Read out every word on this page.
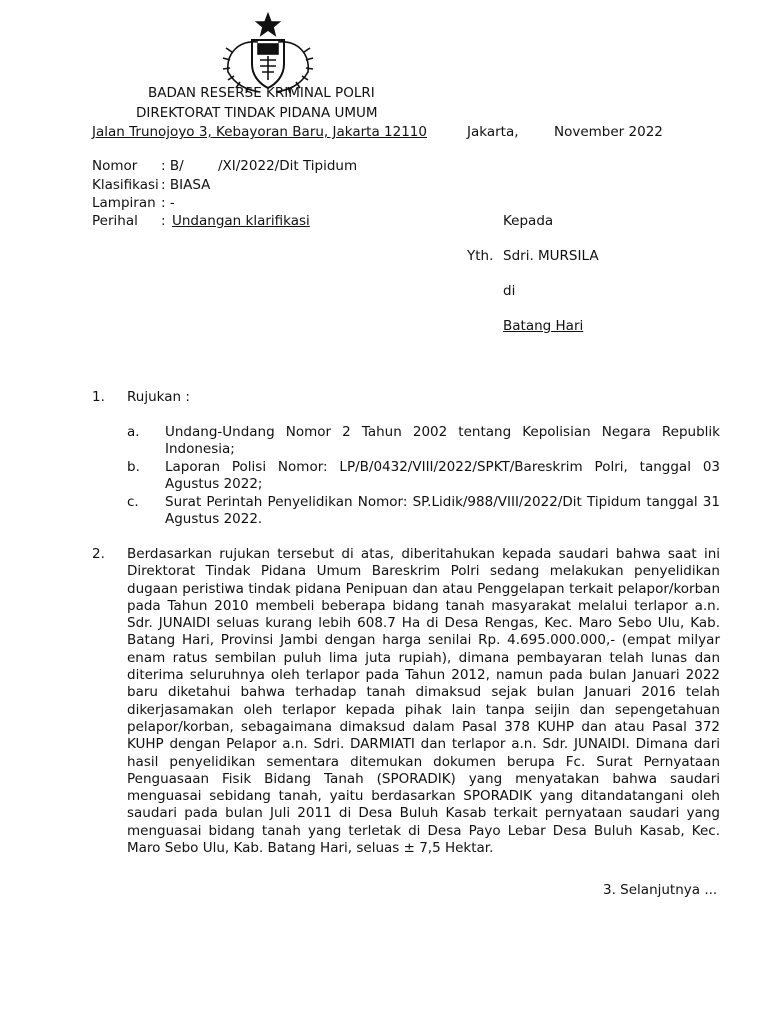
BADAN RESERSE KRIMINAL POLRI
DIREKTORAT TINDAK PIDANA UMUM
Jalan Trunojoyo 3, Kebayoran Baru, Jakarta 12110	Jakarta,	November 2022
Nomor : B/        /XI/2022/Dit Tipidum
Klasifikasi : BIASA
Lampiran : -
Perihal : Undangan klarifikasi	Kepada
Yth. Sdri. MURSILA
di
Batang Hari
1. Rujukan :
a. Undang-Undang Nomor 2 Tahun 2002 tentang Kepolisian Negara Republik Indonesia;
b. Laporan Polisi Nomor: LP/B/0432/VIII/2022/SPKT/Bareskrim Polri, tanggal 03 Agustus 2022;
c. Surat Perintah Penyelidikan Nomor: SP.Lidik/988/VIII/2022/Dit Tipidum tanggal 31 Agustus 2022.
2. Berdasarkan rujukan tersebut di atas, diberitahukan kepada saudari bahwa saat ini Direktorat Tindak Pidana Umum Bareskrim Polri sedang melakukan penyelidikan dugaan peristiwa tindak pidana Penipuan dan atau Penggelapan terkait pelapor/korban pada Tahun 2010 membeli beberapa bidang tanah masyarakat melalui terlapor a.n. Sdr. JUNAIDI seluas kurang lebih 608.7 Ha di Desa Rengas, Kec. Maro Sebo Ulu, Kab. Batang Hari, Provinsi Jambi dengan harga senilai Rp. 4.695.000.000,- (empat milyar enam ratus sembilan puluh lima juta rupiah), dimana pembayaran telah lunas dan diterima seluruhnya oleh terlapor pada Tahun 2012, namun pada bulan Januari 2022 baru diketahui bahwa terhadap tanah dimaksud sejak bulan Januari 2016 telah dikerjasamakan oleh terlapor kepada pihak lain tanpa seijin dan sepengetahuan pelapor/korban, sebagaimana dimaksud dalam Pasal 378 KUHP dan atau Pasal 372 KUHP dengan Pelapor a.n. Sdri. DARMIATI dan terlapor a.n. Sdr. JUNAIDI. Dimana dari hasil penyelidikan sementara ditemukan dokumen berupa Fc. Surat Pernyataan Penguasaan Fisik Bidang Tanah (SPORADIK) yang menyatakan bahwa saudari menguasai sebidang tanah, yaitu berdasarkan SPORADIK yang ditandatangani oleh saudari pada bulan Juli 2011 di Desa Buluh Kasab terkait pernyataan saudari yang menguasai bidang tanah yang terletak di Desa Payo Lebar Desa Buluh Kasab, Kec. Maro Sebo Ulu, Kab. Batang Hari, seluas ± 7,5 Hektar.
3. Selanjutnya ...
